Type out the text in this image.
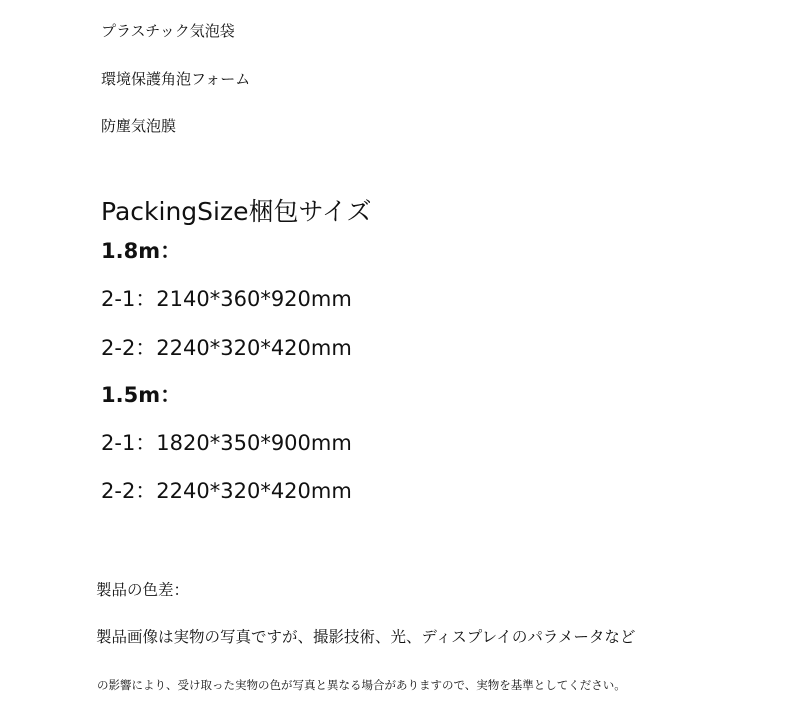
プラスチック気泡袋
環境保護角泡フォーム
防塵気泡膜
PackingSize梱包サイズ
1.8m：
2-1：2140*360*920mm
2-2：2240*320*420mm
1.5m：
2-1：1820*350*900mm
2-2：2240*320*420mm
製品の色差：
製品画像は実物の写真ですが、撮影技術、光、ディスプレイのパラメータなど
の影響により、受け取った実物の色が写真と異なる場合がありますので、実物を基準としてください。
